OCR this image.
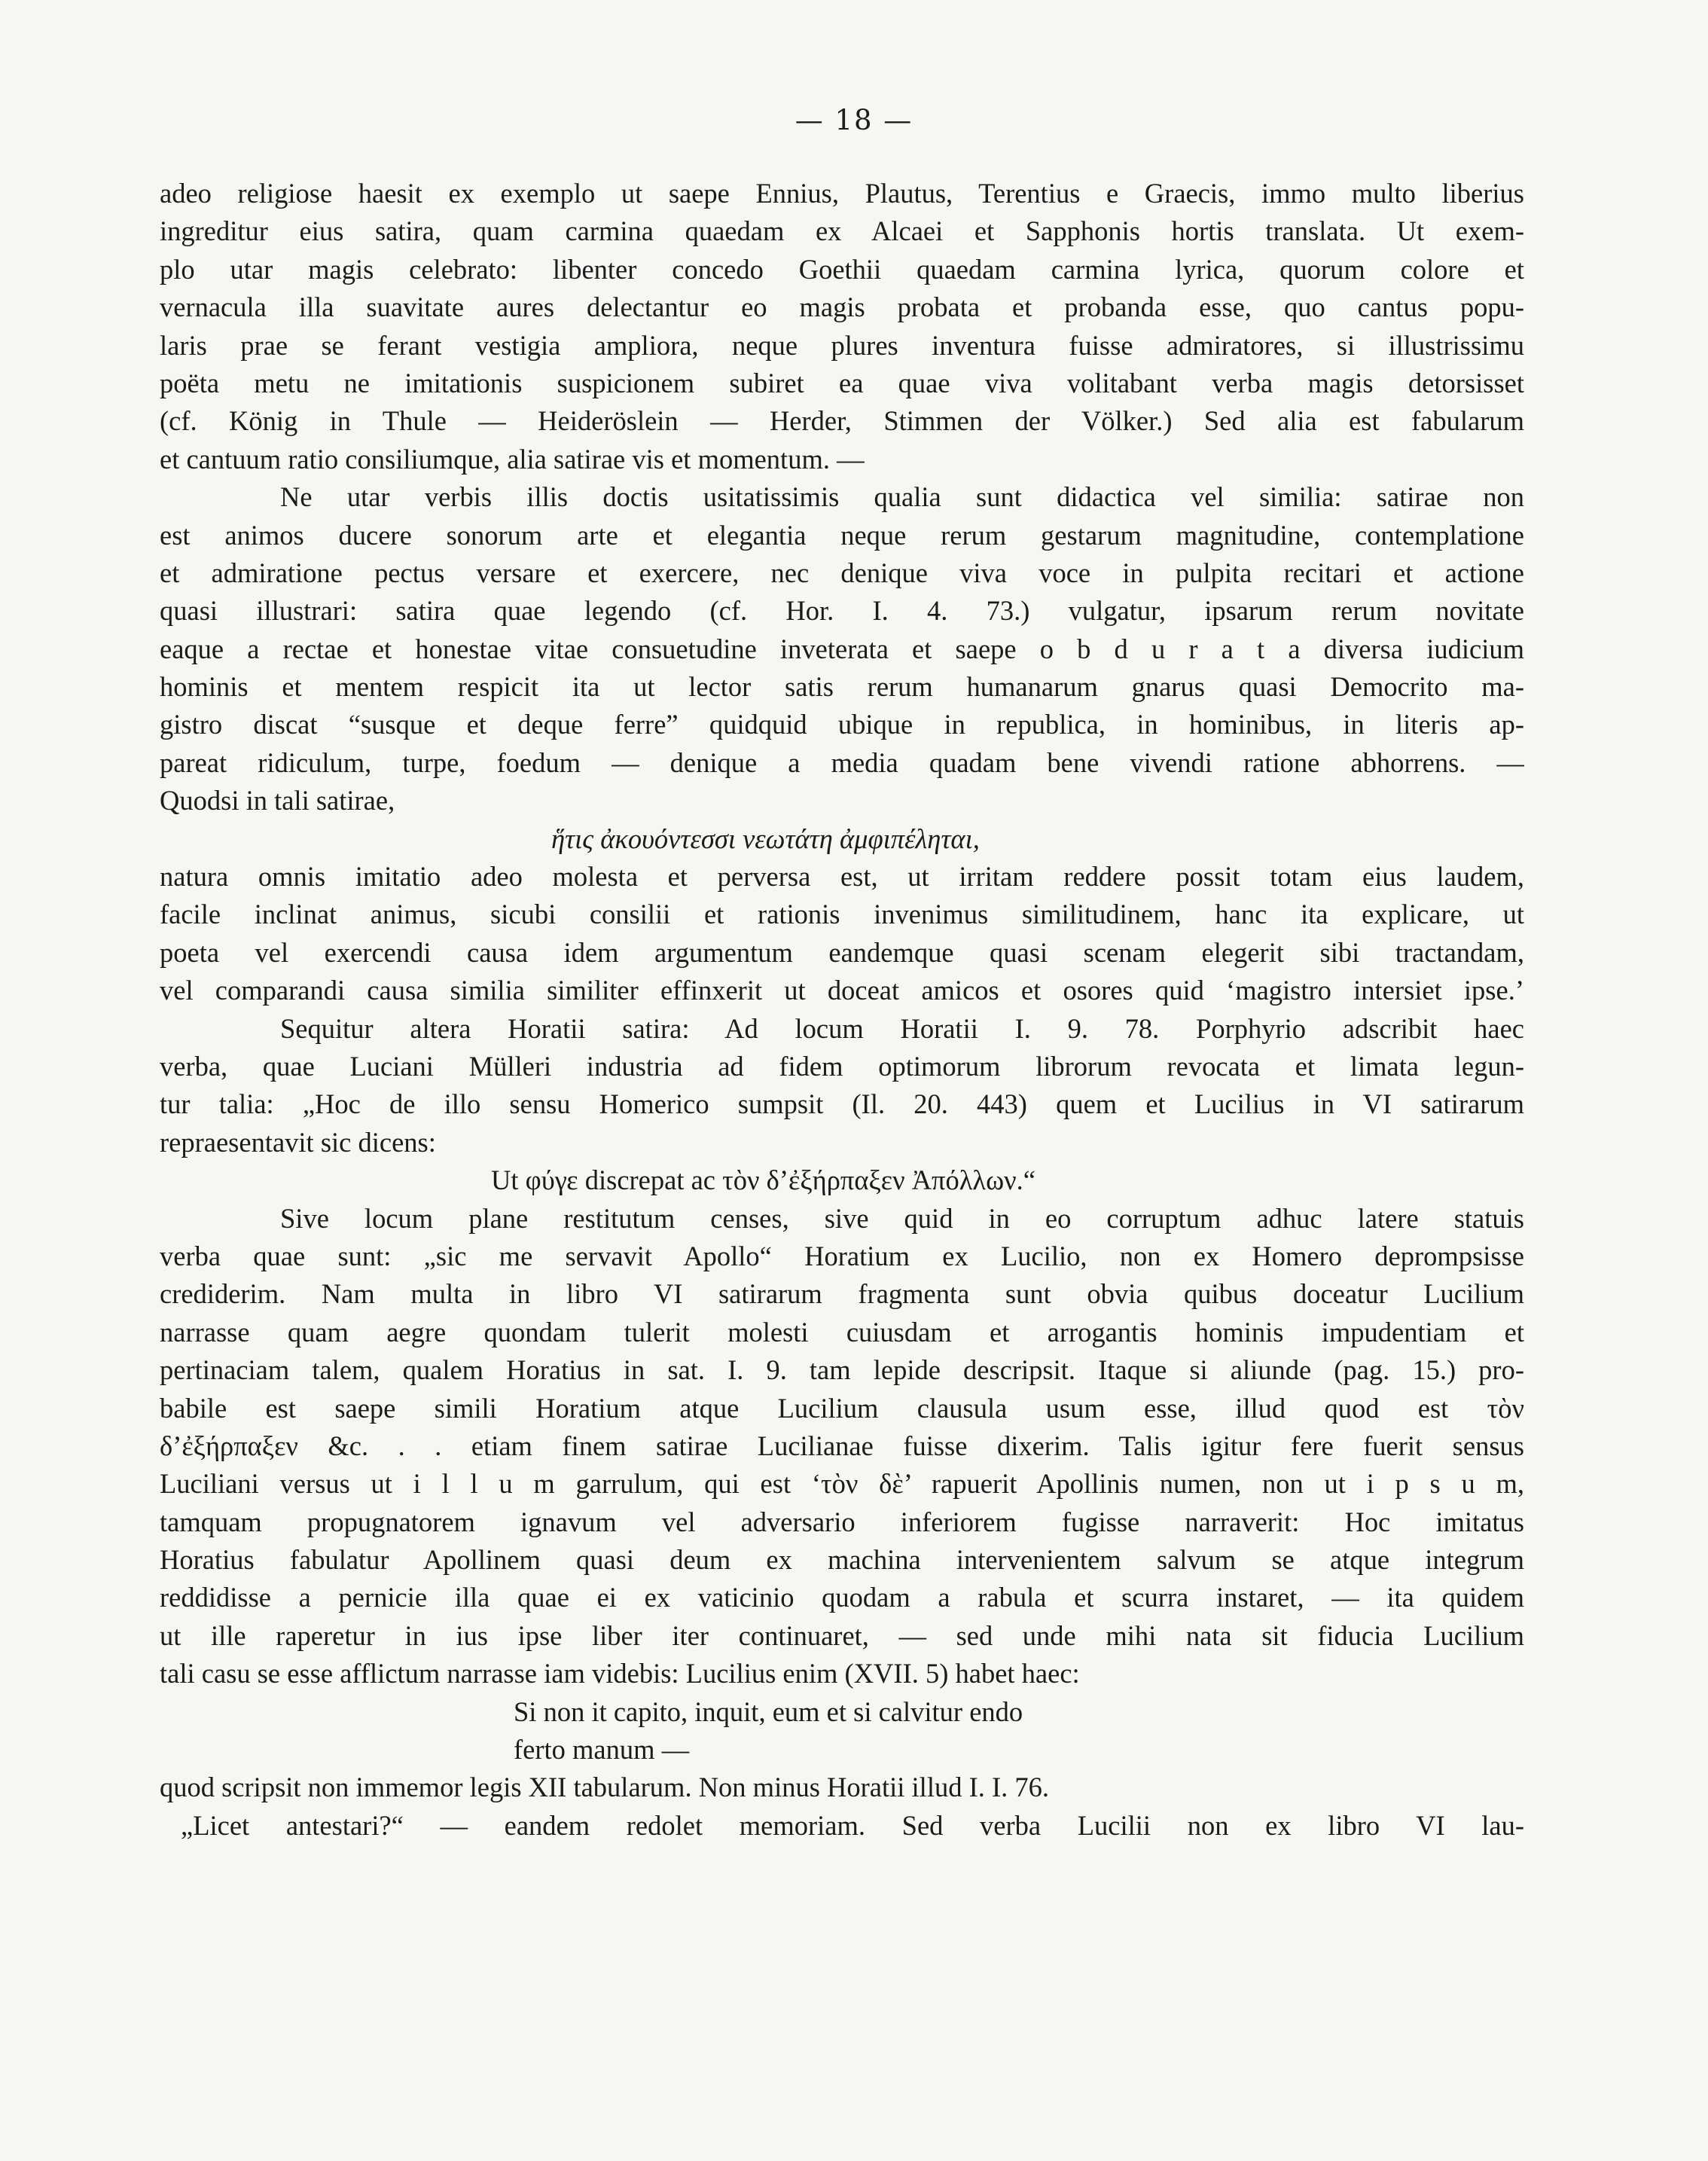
— 18 —
adeo religiose haesit ex exemplo ut saepe Ennius, Plautus, Terentius e Graecis, immo multo liberius
ingreditur eius satira, quam carmina quaedam ex Alcaei et Sapphonis hortis translata. Ut exem-
plo utar magis celebrato: libenter concedo Goethii quaedam carmina lyrica, quorum colore et
vernacula illa suavitate aures delectantur eo magis probata et probanda esse, quo cantus popu-
laris prae se ferant vestigia ampliora, neque plures inventura fuisse admiratores, si illustrissimu
poëta metu ne imitationis suspicionem subiret ea quae viva volitabant verba magis detorsisset
(cf. König in Thule — Heideröslein — Herder, Stimmen der Völker.) Sed alia est fabularum
et cantuum ratio consiliumque, alia satirae vis et momentum. —
Ne utar verbis illis doctis usitatissimis qualia sunt didactica vel similia: satirae non
est animos ducere sonorum arte et elegantia neque rerum gestarum magnitudine, contemplatione
et admiratione pectus versare et exercere, nec denique viva voce in pulpita recitari et actione
quasi illustrari: satira quae legendo (cf. Hor. I. 4. 73.) vulgatur, ipsarum rerum novitate
eaque a rectae et honestae vitae consuetudine inveterata et saepe o b d u r a t a diversa iudicium
hominis et mentem respicit ita ut lector satis rerum humanarum gnarus quasi Democrito ma-
gistro discat “susque et deque ferre” quidquid ubique in republica, in hominibus, in literis ap-
pareat ridiculum, turpe, foedum — denique a media quadam bene vivendi ratione abhorrens. —
Quodsi in tali satirae,
ἥτις ἀκουόντεσσι νεωτάτη ἀμφιπέληται,
natura omnis imitatio adeo molesta et perversa est, ut irritam reddere possit totam eius laudem,
facile inclinat animus, sicubi consilii et rationis invenimus similitudinem, hanc ita explicare, ut
poeta vel exercendi causa idem argumentum eandemque quasi scenam elegerit sibi tractandam,
vel comparandi causa similia similiter effinxerit ut doceat amicos et osores quid ‘magistro intersiet ipse.’
Sequitur altera Horatii satira: Ad locum Horatii I. 9. 78. Porphyrio adscribit haec
verba, quae Luciani Mülleri industria ad fidem optimorum librorum revocata et limata legun-
tur talia: „Hoc de illo sensu Homerico sumpsit (Il. 20. 443) quem et Lucilius in VI satirarum
repraesentavit sic dicens:
Ut φύγε discrepat ac τὸν δ’ἐξήρπαξεν Ἀπόλλων.“
Sive locum plane restitutum censes, sive quid in eo corruptum adhuc latere statuis
verba quae sunt: „sic me servavit Apollo“ Horatium ex Lucilio, non ex Homero deprompsisse
crediderim. Nam multa in libro VI satirarum fragmenta sunt obvia quibus doceatur Lucilium
narrasse quam aegre quondam tulerit molesti cuiusdam et arrogantis hominis impudentiam et
pertinaciam talem, qualem Horatius in sat. I. 9. tam lepide descripsit. Itaque si aliunde (pag. 15.) pro-
babile est saepe simili Horatium atque Lucilium clausula usum esse, illud quod est τὸν
δ’ἐξήρπαξεν &c. . . etiam finem satirae Lucilianae fuisse dixerim. Talis igitur fere fuerit sensus
Luciliani versus ut i l l u m garrulum, qui est ‘τὸν δὲ’ rapuerit Apollinis numen, non ut i p s u m,
tamquam propugnatorem ignavum vel adversario inferiorem fugisse narraverit: Hoc imitatus
Horatius fabulatur Apollinem quasi deum ex machina intervenientem salvum se atque integrum
reddidisse a pernicie illa quae ei ex vaticinio quodam a rabula et scurra instaret, — ita quidem
ut ille raperetur in ius ipse liber iter continuaret, — sed unde mihi nata sit fiducia Lucilium
tali casu se esse afflictum narrasse iam videbis: Lucilius enim (XVII. 5) habet haec:
Si non it capito, inquit, eum et si calvitur endo
ferto manum —
quod scripsit non immemor legis XII tabularum. Non minus Horatii illud I. I. 76.
„Licet antestari?“ — eandem redolet memoriam. Sed verba Lucilii non ex libro VI lau-
